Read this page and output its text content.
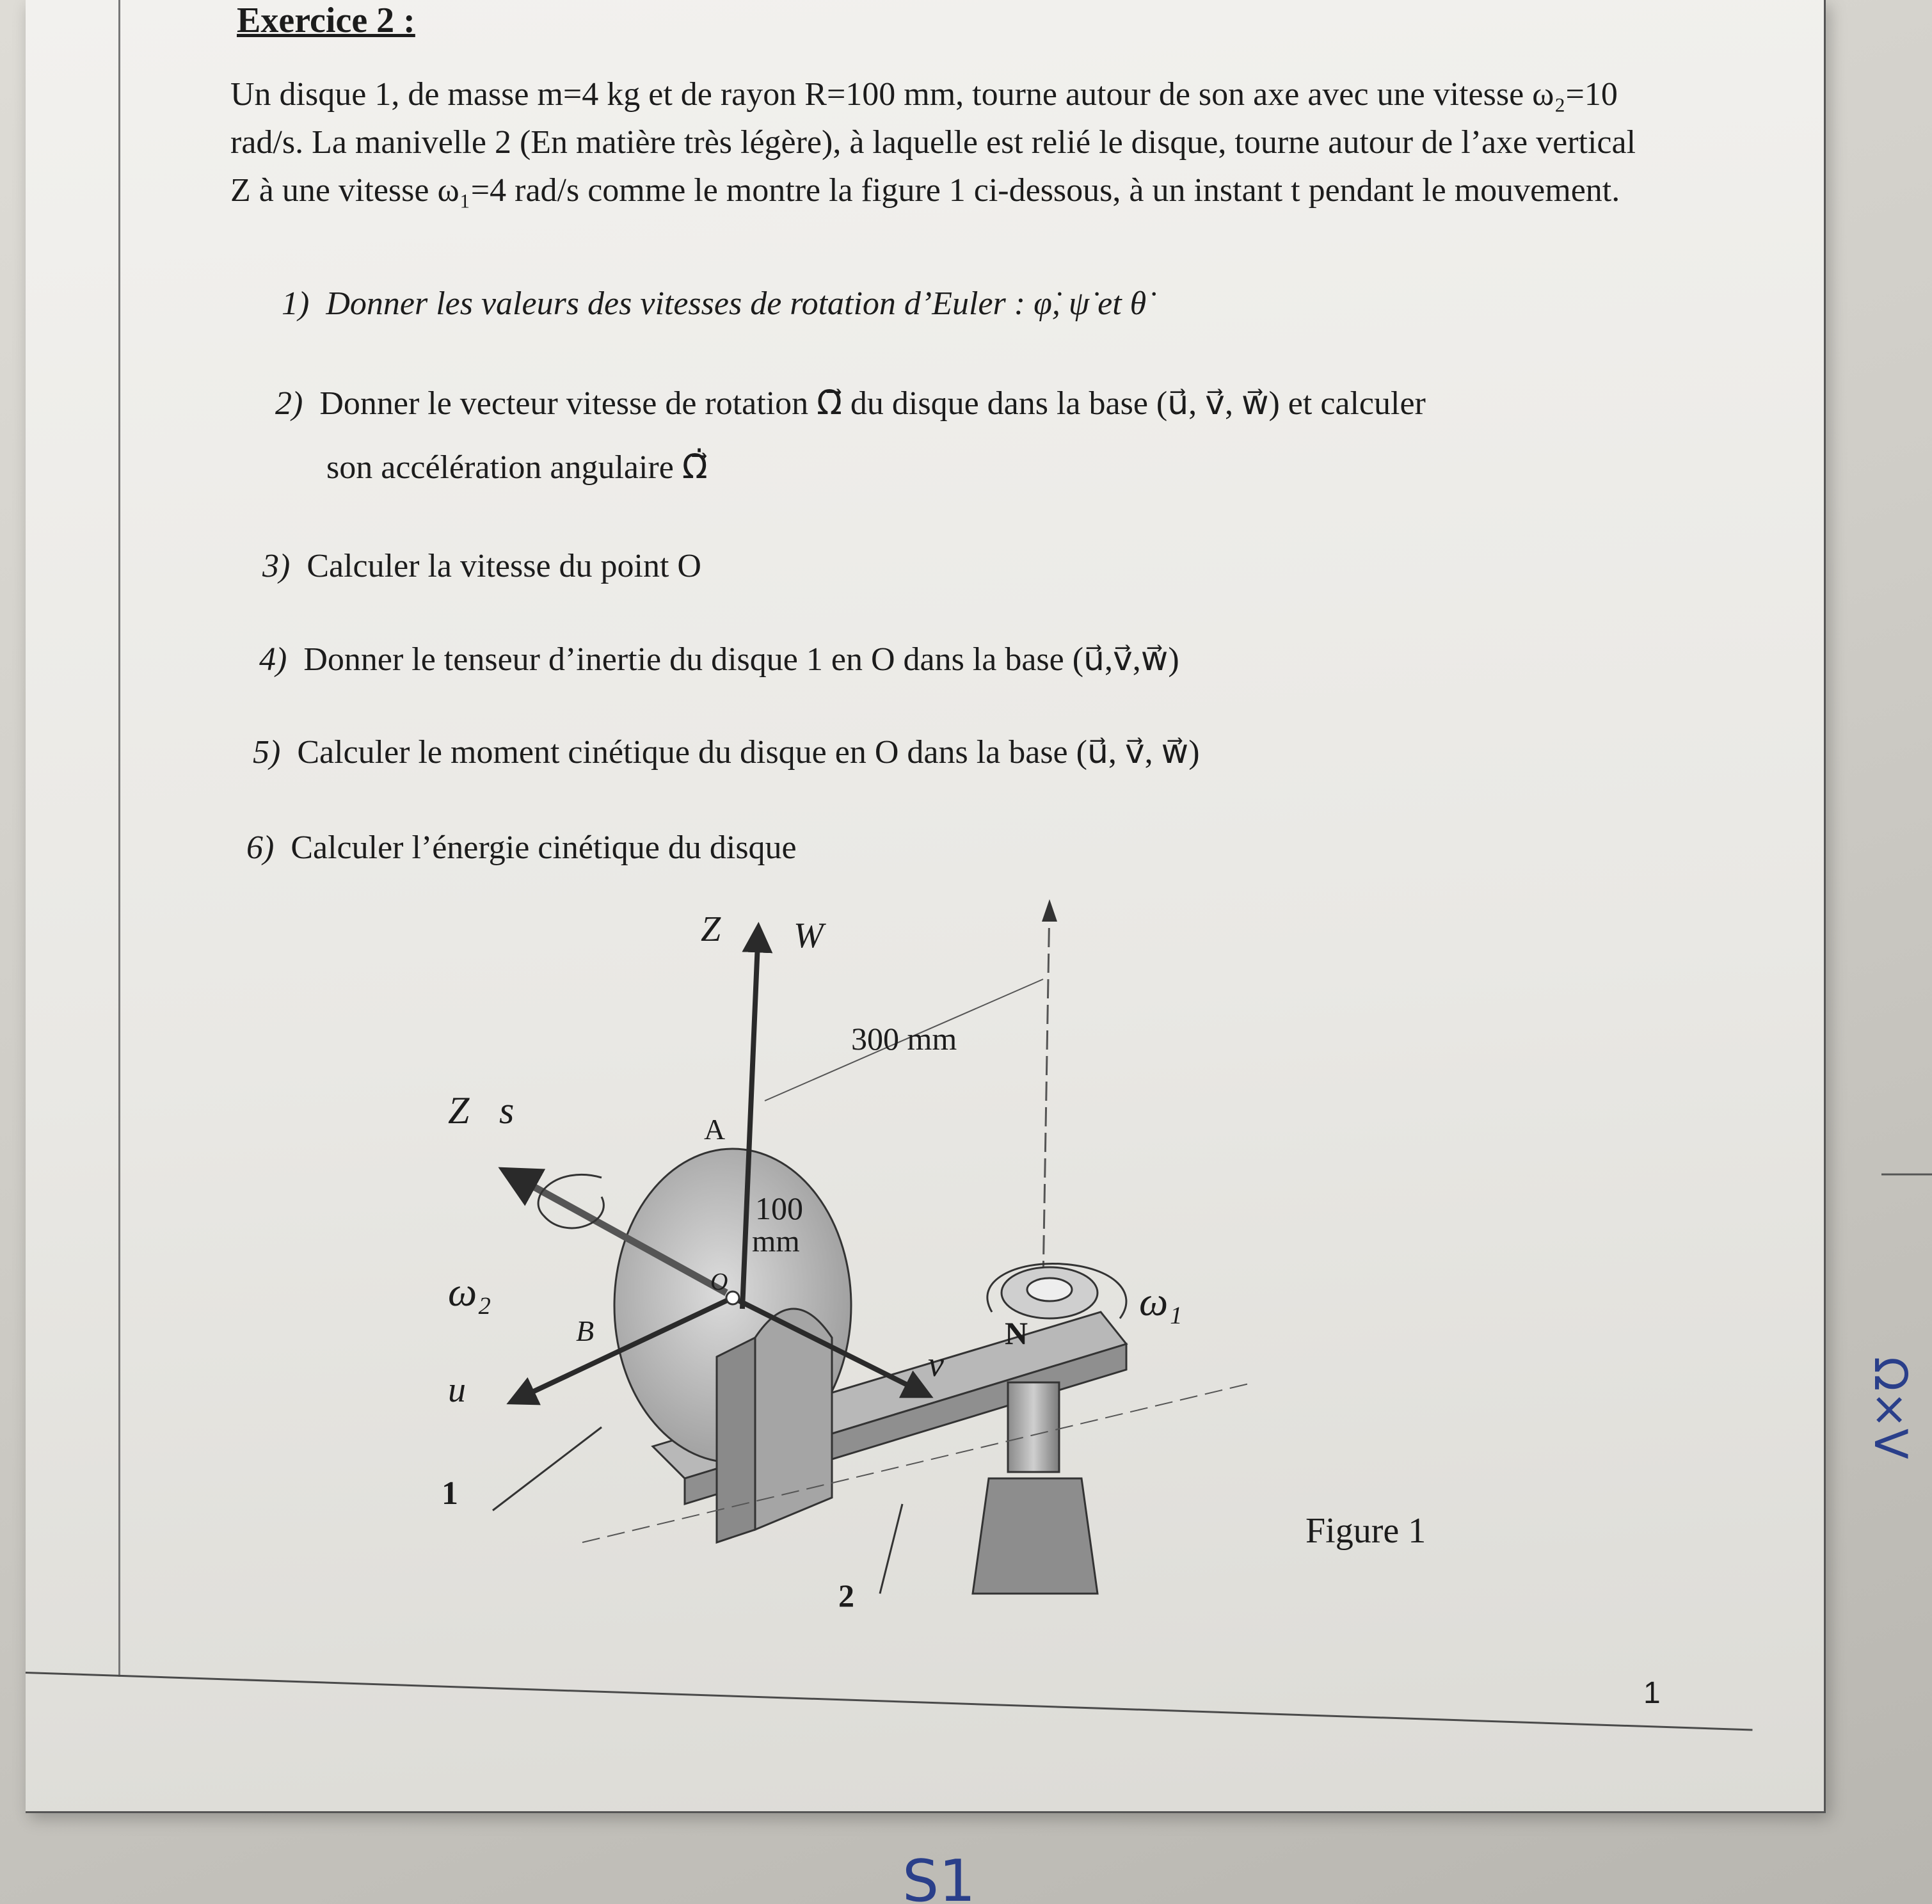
Exercice 2 :
Un disque 1, de masse m=4 kg et de rayon R=100 mm, tourne autour de son axe avec une vitesse ω₂=10 rad/s. La manivelle 2 (En matière très légère), à laquelle est relié le disque, tourne autour de l’axe vertical Z à une vitesse ω₁=4 rad/s comme le montre la figure 1 ci-dessous, à un instant t pendant le mouvement.
1) Donner les valeurs des vitesses de rotation d’Euler : φ̇, ψ̇ et θ̇
2) Donner le vecteur vitesse de rotation Ω⃗ du disque dans la base (u⃗, v⃗, w⃗) et calculer
son accélération angulaire Ω⃗̇
3) Calculer la vitesse du point O
4) Donner le tenseur d’inertie du disque 1 en O dans la base (u⃗,v⃗,w⃗)
5) Calculer le moment cinétique du disque en O dans la base (u⃗, v⃗, w⃗)
6) Calculer l’énergie cinétique du disque
Z⃗ W⃗
Z⃗s
300 mm
A
100
mm
ω₂	ω₁
B	N
O
u⃗
v⃗
1
2
Figure 1
1
Ω×V
S1
